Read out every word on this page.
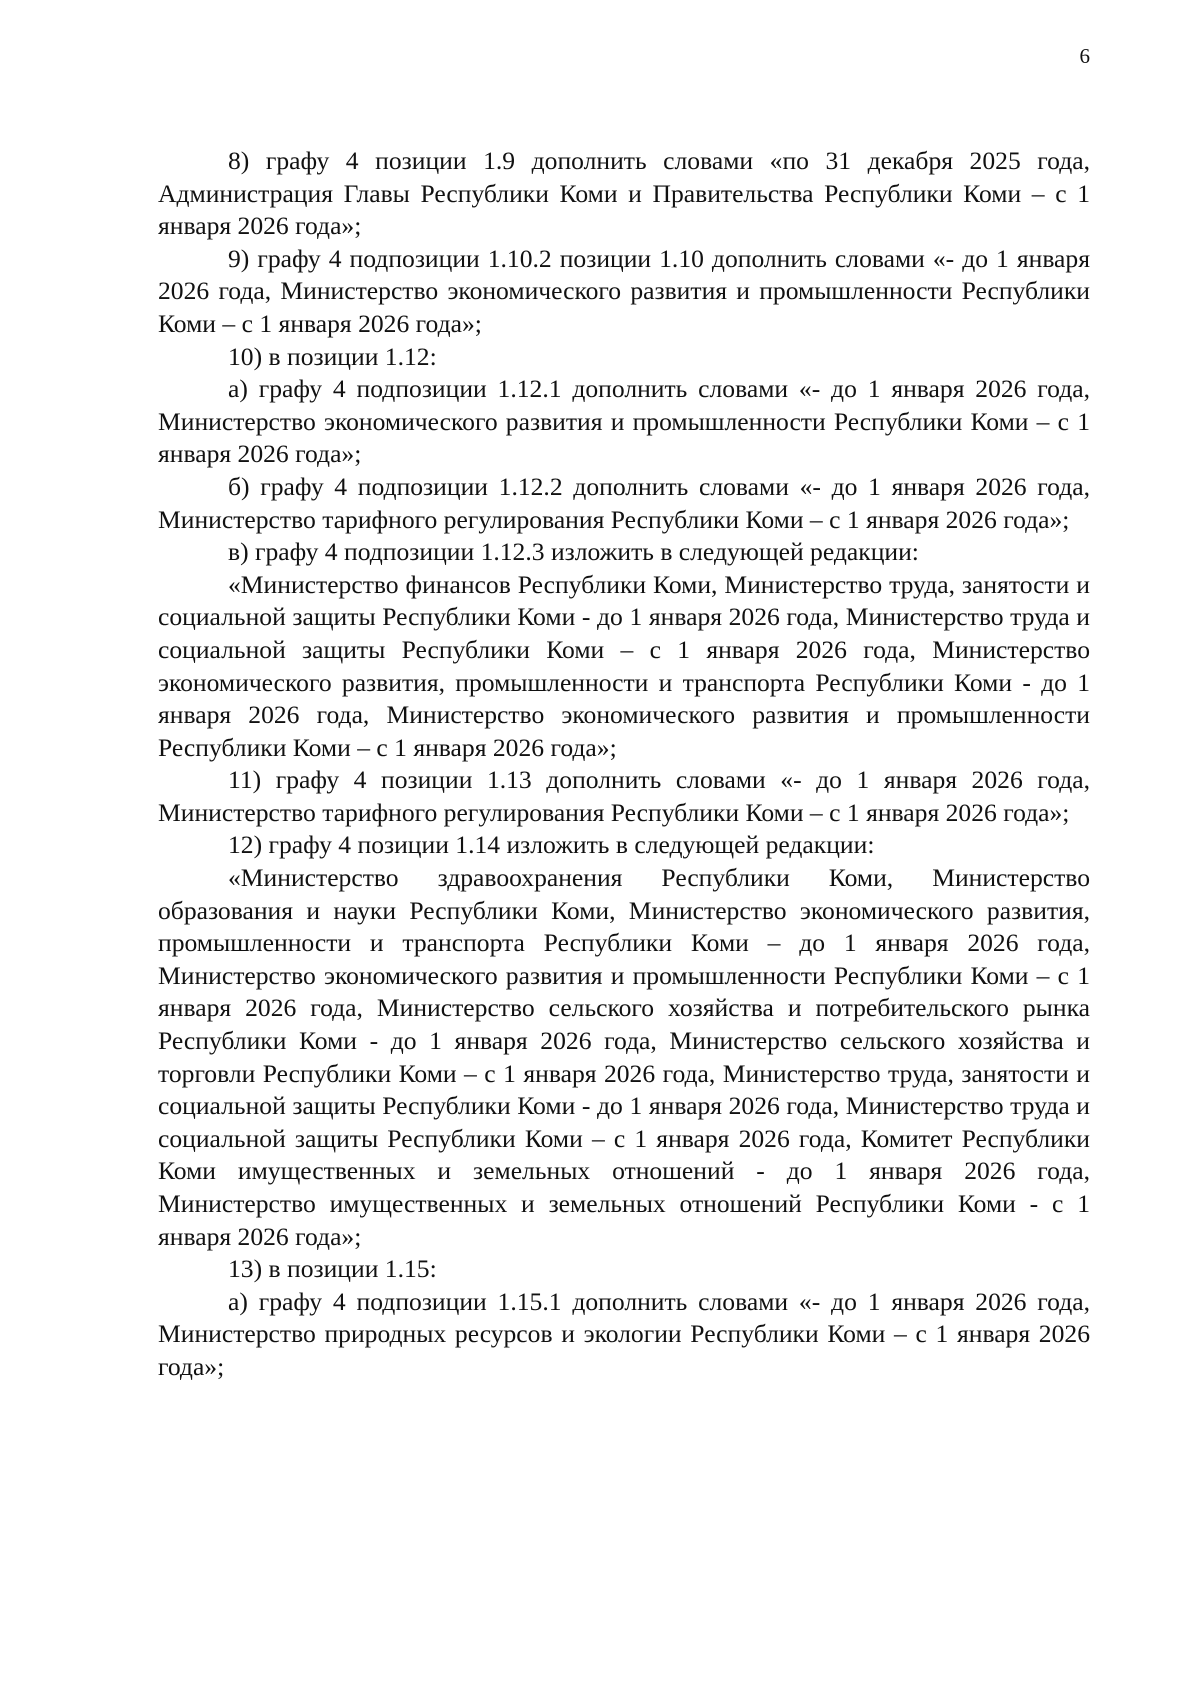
6

8) графу 4 позиции 1.9 дополнить словами «по 31 декабря 2025 года, Администрация Главы Республики Коми и Правительства Республики Коми – с 1 января 2026 года»;

9) графу 4 подпозиции 1.10.2 позиции 1.10 дополнить словами «- до 1 января 2026 года, Министерство экономического развития и промышленности Республики Коми – с 1 января 2026 года»;

10) в позиции 1.12:

а) графу 4 подпозиции 1.12.1 дополнить словами «- до 1 января 2026 года, Министерство экономического развития и промышленности Республики Коми – с 1 января 2026 года»;

б) графу 4 подпозиции 1.12.2 дополнить словами «- до 1 января 2026 года, Министерство тарифного регулирования Республики Коми – с 1 января 2026 года»;

в) графу 4 подпозиции 1.12.3 изложить в следующей редакции:

«Министерство финансов Республики Коми, Министерство труда, занятости и социальной защиты Республики Коми - до 1 января 2026 года, Министерство труда и социальной защиты Республики Коми – с 1 января 2026 года, Министерство экономического развития, промышленности и транспорта Республики Коми - до 1 января 2026 года, Министерство экономического развития и промышленности Республики Коми – с 1 января 2026 года»;

11) графу 4 позиции 1.13 дополнить словами «- до 1 января 2026 года, Министерство тарифного регулирования Республики Коми – с 1 января 2026 года»;

12) графу 4 позиции 1.14 изложить в следующей редакции:

«Министерство здравоохранения Республики Коми, Министерство образования и науки Республики Коми, Министерство экономического развития, промышленности и транспорта Республики Коми – до 1 января 2026 года, Министерство экономического развития и промышленности Республики Коми – с 1 января 2026 года, Министерство сельского хозяйства и потребительского рынка Республики Коми - до 1 января 2026 года, Министерство сельского хозяйства и торговли Республики Коми – с 1 января 2026 года, Министерство труда, занятости и социальной защиты Республики Коми - до 1 января 2026 года, Министерство труда и социальной защиты Республики Коми – с 1 января 2026 года, Комитет Республики Коми имущественных и земельных отношений - до 1 января 2026 года, Министерство имущественных и земельных отношений Республики Коми - с 1 января 2026 года»;

13) в позиции 1.15:

а) графу 4 подпозиции 1.15.1 дополнить словами «- до 1 января 2026 года, Министерство природных ресурсов и экологии Республики Коми – с 1 января 2026 года»;
